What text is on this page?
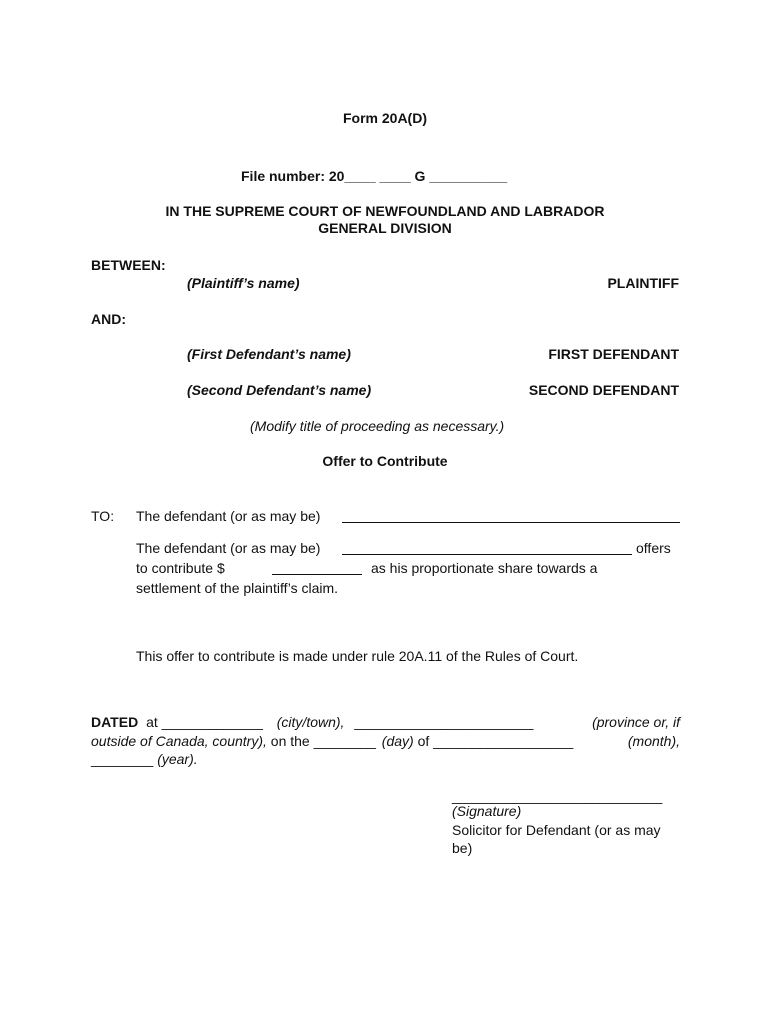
Form 20A(D)
File number: 20____ ____ G __________
IN THE SUPREME COURT OF NEWFOUNDLAND AND LABRADOR
GENERAL DIVISION
BETWEEN:
(Plaintiff’s name)	PLAINTIFF
AND:
(First Defendant’s name)	FIRST DEFENDANT
(Second Defendant’s name)	SECOND DEFENDANT
(Modify title of proceeding as necessary.)
Offer to Contribute
TO: The defendant (or as may be)
The defendant (or as may be)	offers
to contribute $	as his proportionate share towards a
settlement of the plaintiff’s claim.
This offer to contribute is made under rule 20A.11 of the Rules of Court.
DATED at _____________ (city/town), _______________________	(province or, if
outside of Canada, country), on the ________ (day) of __________________	(month),
________ (year).
___________________________
(Signature)
Solicitor for Defendant (or as may
be)
